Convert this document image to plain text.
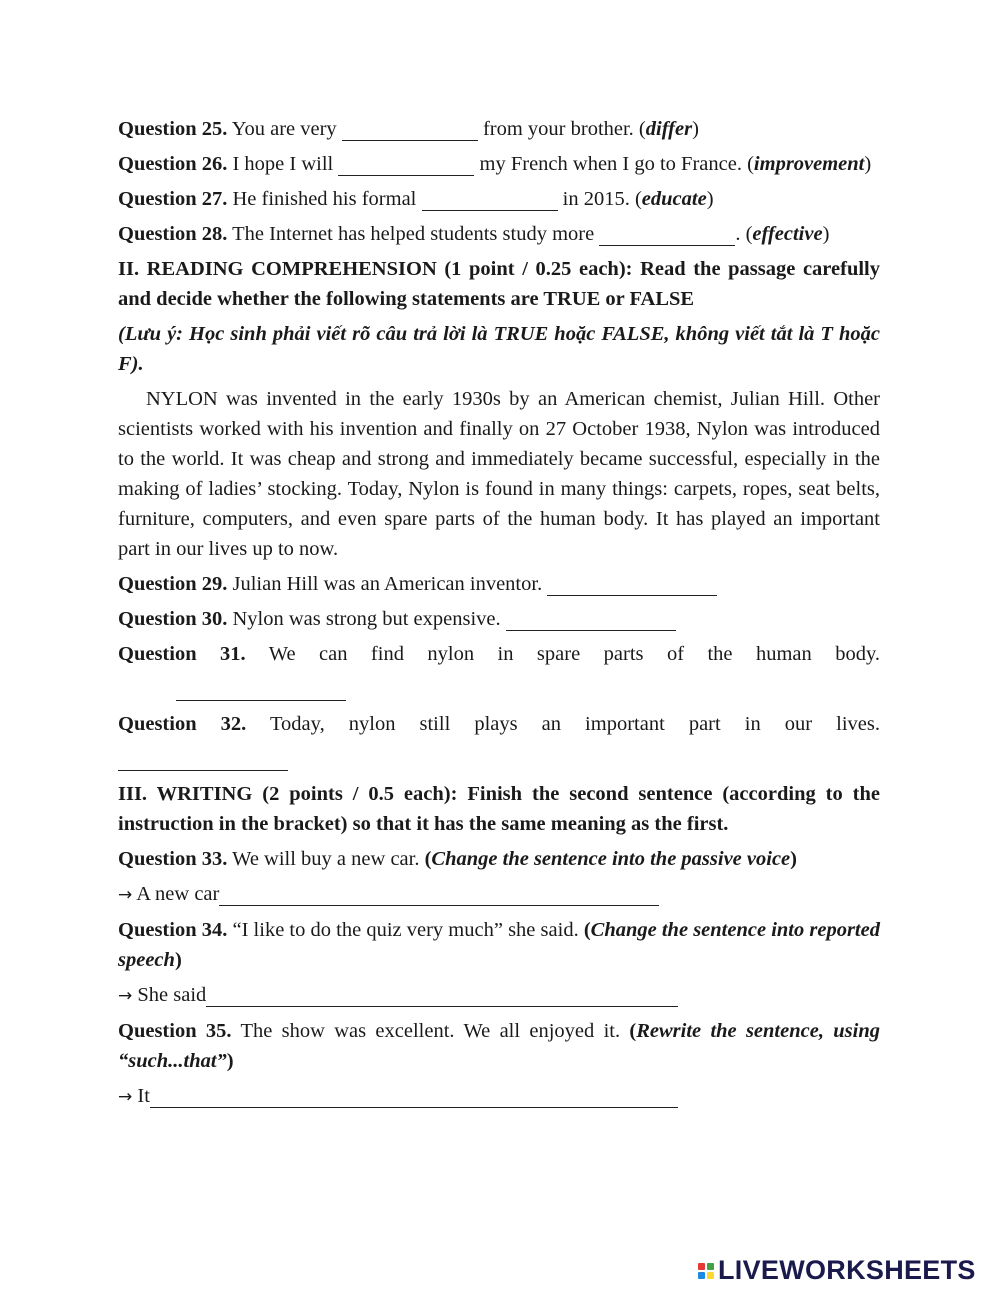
Question 25. You are very	from your brother. (differ)

Question 26. I hope I will	my French when I go to France. (improvement)

Question 27. He finished his formal	in 2015. (educate)

Question 28. The Internet has helped students study more	. (effective)

II. READING COMPREHENSION (1 point / 0.25 each): Read the passage carefully and decide whether the following statements are TRUE or FALSE

(Lưu ý: Học sinh phải viết rõ câu trả lời là TRUE hoặc FALSE, không viết tắt là T hoặc F).

NYLON was invented in the early 1930s by an American chemist, Julian Hill. Other scientists worked with his invention and finally on 27 October 1938, Nylon was introduced to the world. It was cheap and strong and immediately became successful, especially in the making of ladies’ stocking. Today, Nylon is found in many things: carpets, ropes, seat belts, furniture, computers, and even spare parts of the human body. It has played an important part in our lives up to now.

Question 29. Julian Hill was an American inventor.

Question 30. Nylon was strong but expensive.

Question 31. We can find nylon in spare parts of the human body.

Question 32. Today, nylon still plays an important part in our lives.

III. WRITING (2 points / 0.5 each): Finish the second sentence (according to the instruction in the bracket) so that it has the same meaning as the first.

Question 33. We will buy a new car. (Change the sentence into the passive voice)

→ A new car

Question 34. “I like to do the quiz very much” she said. (Change the sentence into reported speech)

→ She said

Question 35. The show was excellent. We all enjoyed it. (Rewrite the sentence, using “such...that”)

→ It

LIVEWORKSHEETS
